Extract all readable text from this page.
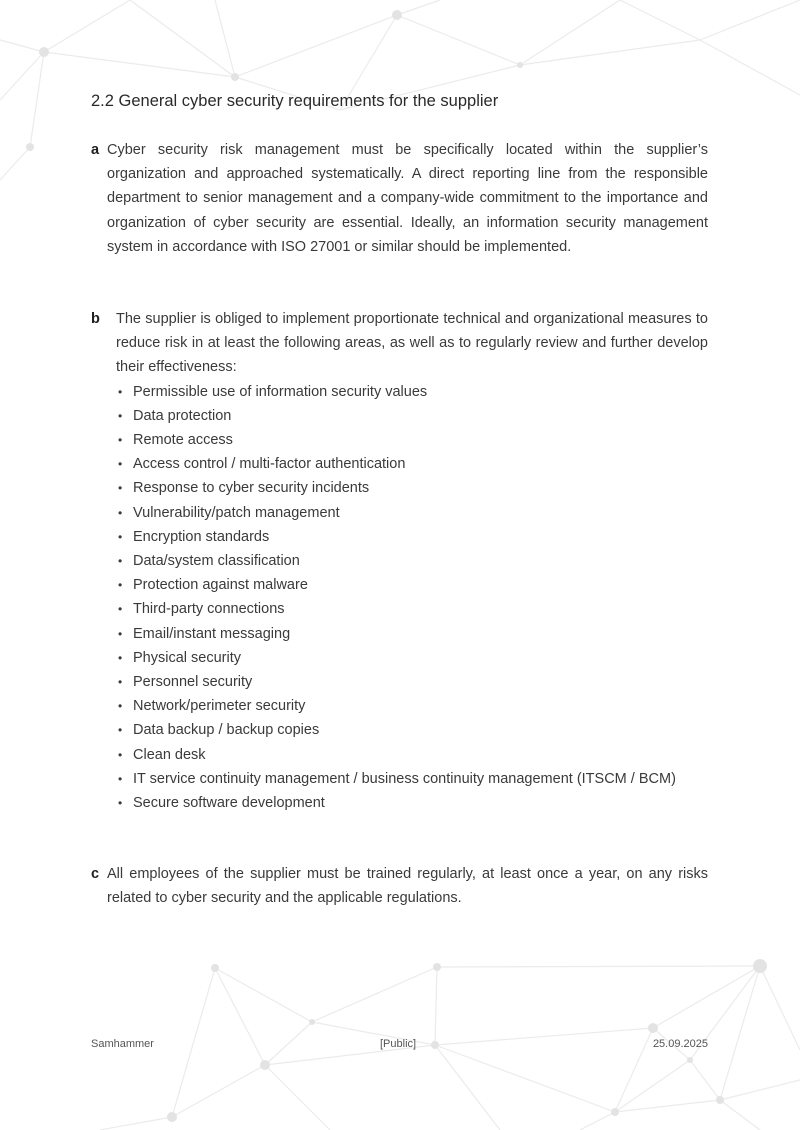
2.2 General cyber security requirements for the supplier
a Cyber security risk management must be specifically located within the supplier’s organization and approached systematically. A direct reporting line from the responsible department to senior management and a company-wide commitment to the importance and organization of cyber security are essential. Ideally, an information security management system in accordance with ISO 27001 or similar should be implemented.
b The supplier is obliged to implement proportionate technical and organizational measures to reduce risk in at least the following areas, as well as to regularly review and further develop their effectiveness:
• Permissible use of information security values
• Data protection
• Remote access
• Access control / multi-factor authentication
• Response to cyber security incidents
• Vulnerability/patch management
• Encryption standards
• Data/system classification
• Protection against malware
• Third-party connections
• Email/instant messaging
• Physical security
• Personnel security
• Network/perimeter security
• Data backup / backup copies
• Clean desk
• IT service continuity management / business continuity management (ITSCM / BCM)
• Secure software development
c All employees of the supplier must be trained regularly, at least once a year, on any risks related to cyber security and the applicable regulations.
Samhammer	[Public]	25.09.2025
